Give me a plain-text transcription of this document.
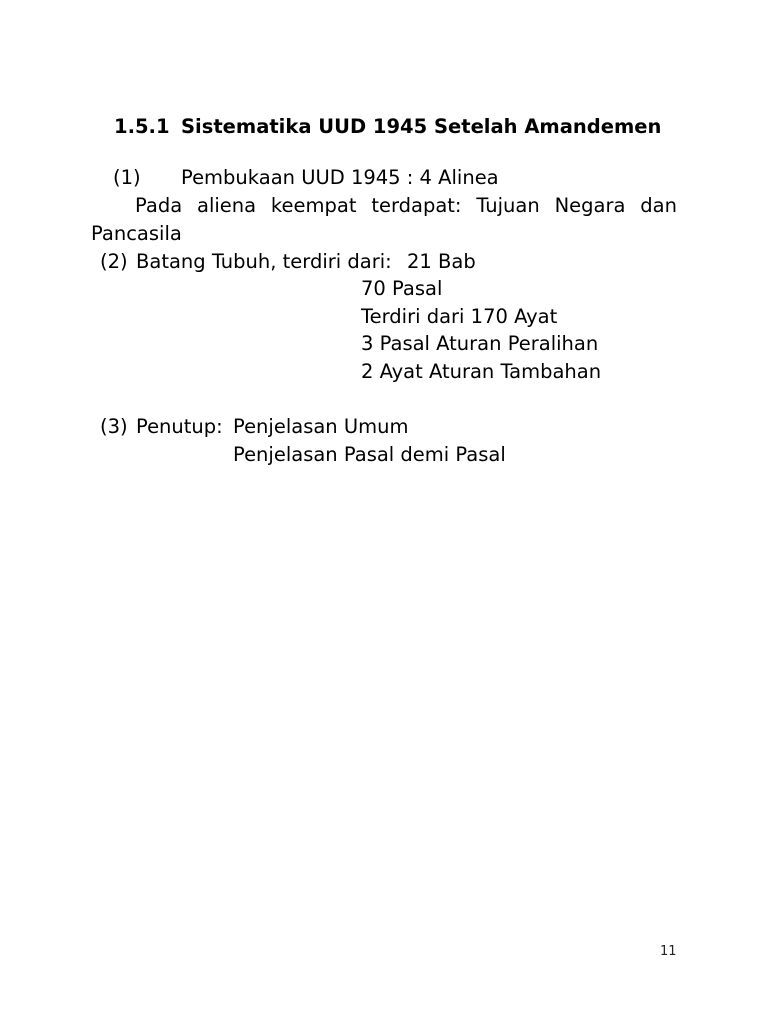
1.5.1 Sistematika UUD 1945 Setelah Amandemen
(1) Pembukaan UUD 1945 : 4 Alinea
Pada aliena keempat terdapat: Tujuan Negara dan
Pancasila
(2) Batang Tubuh, terdiri dari: 21 Bab
70 Pasal
Terdiri dari 170 Ayat
3 Pasal Aturan Peralihan
2 Ayat Aturan Tambahan
(3) Penutup: Penjelasan Umum
Penjelasan Pasal demi Pasal
11
